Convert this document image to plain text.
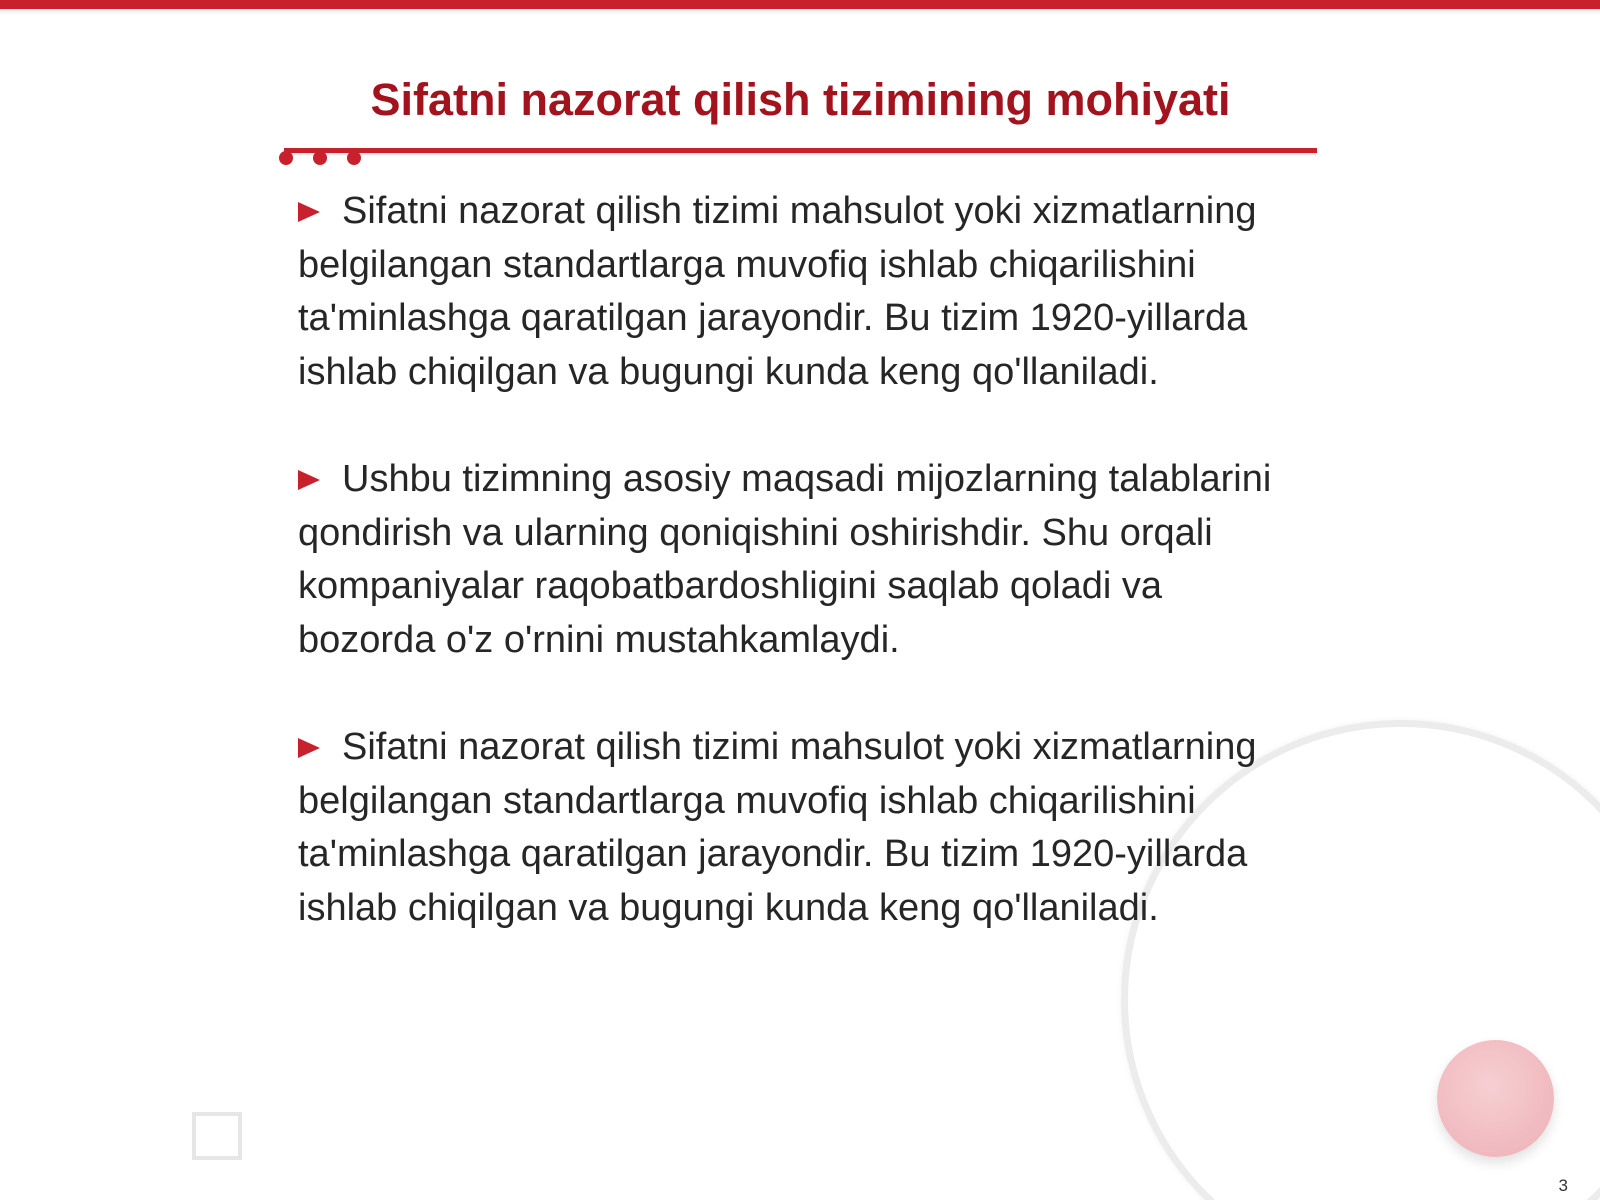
Sifatni nazorat qilish tizimining mohiyati

Sifatni nazorat qilish tizimi mahsulot yoki xizmatlarning belgilangan standartlarga muvofiq ishlab chiqarilishini ta'minlashga qaratilgan jarayondir. Bu tizim 1920-yillarda ishlab chiqilgan va bugungi kunda keng qo'llaniladi.

Ushbu tizimning asosiy maqsadi mijozlarning talablarini qondirish va ularning qoniqishini oshirishdir. Shu orqali kompaniyalar raqobatbardoshligini saqlab qoladi va bozorda o'z o'rnini mustahkamlaydi.

Sifatni nazorat qilish tizimi mahsulot yoki xizmatlarning belgilangan standartlarga muvofiq ishlab chiqarilishini ta'minlashga qaratilgan jarayondir. Bu tizim 1920-yillarda ishlab chiqilgan va bugungi kunda keng qo'llaniladi.

3
